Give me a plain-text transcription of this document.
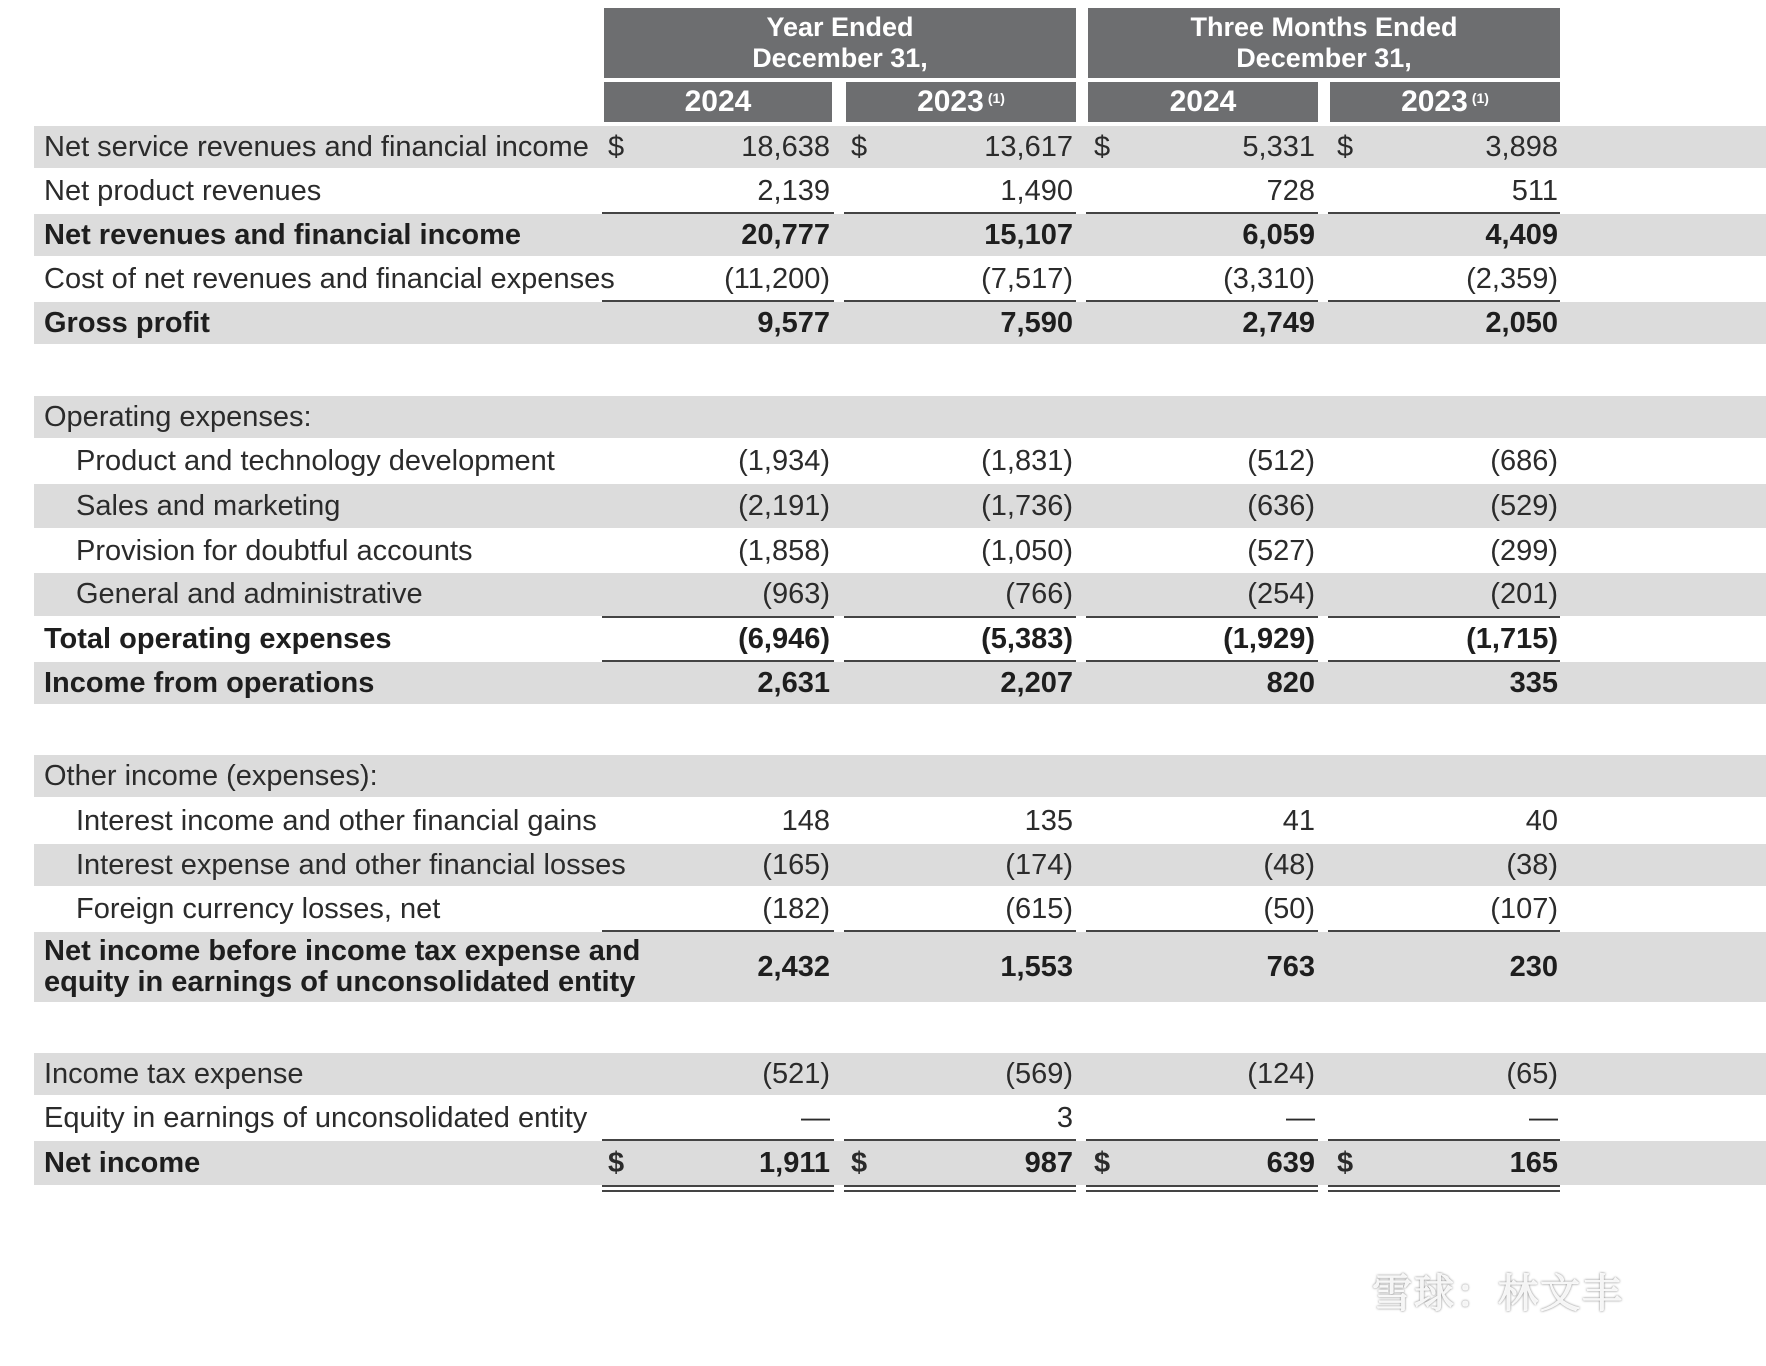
Year Ended
December 31,
Three Months Ended
December 31,
2024	2023 $^{(1)}$	2024	2023 $^{(1)}$
Net service revenues and financial income $	18,638 $	13,617 $	5,331 $	3,898
Net product revenues	2,139	1,490	728	511
Net revenues and financial income	20,777	15,107	6,059	4,409
Cost of net revenues and financial expenses	(11,200)	(7,517)	(3,310)	(2,359)
Gross profit	9,577	7,590	2,749	2,050
Operating expenses:
Product and technology development	(1,934)	(1,831)	(512)	(686)
Sales and marketing	(2,191)	(1,736)	(636)	(529)
Provision for doubtful accounts	(1,858)	(1,050)	(527)	(299)
General and administrative	(963)	(766)	(254)	(201)
Total operating expenses	(6,946)	(5,383)	(1,929)	(1,715)
Income from operations	2,631	2,207	820	335
Other income (expenses):
Interest income and other financial gains	148	135	41	40
Interest expense and other financial losses	(165)	(174)	(48)	(38)
Foreign currency losses, net	(182)	(615)	(50)	(107)
Net income before income tax expense and equity in earnings of unconsolidated entity	2,432	1,553	763	230
Income tax expense	(521)	(569)	(124)	(65)
Equity in earnings of unconsolidated entity	—	3	—	—
Net income	$	1,911 $	987 $	639 $	165
雪球：林文丰
